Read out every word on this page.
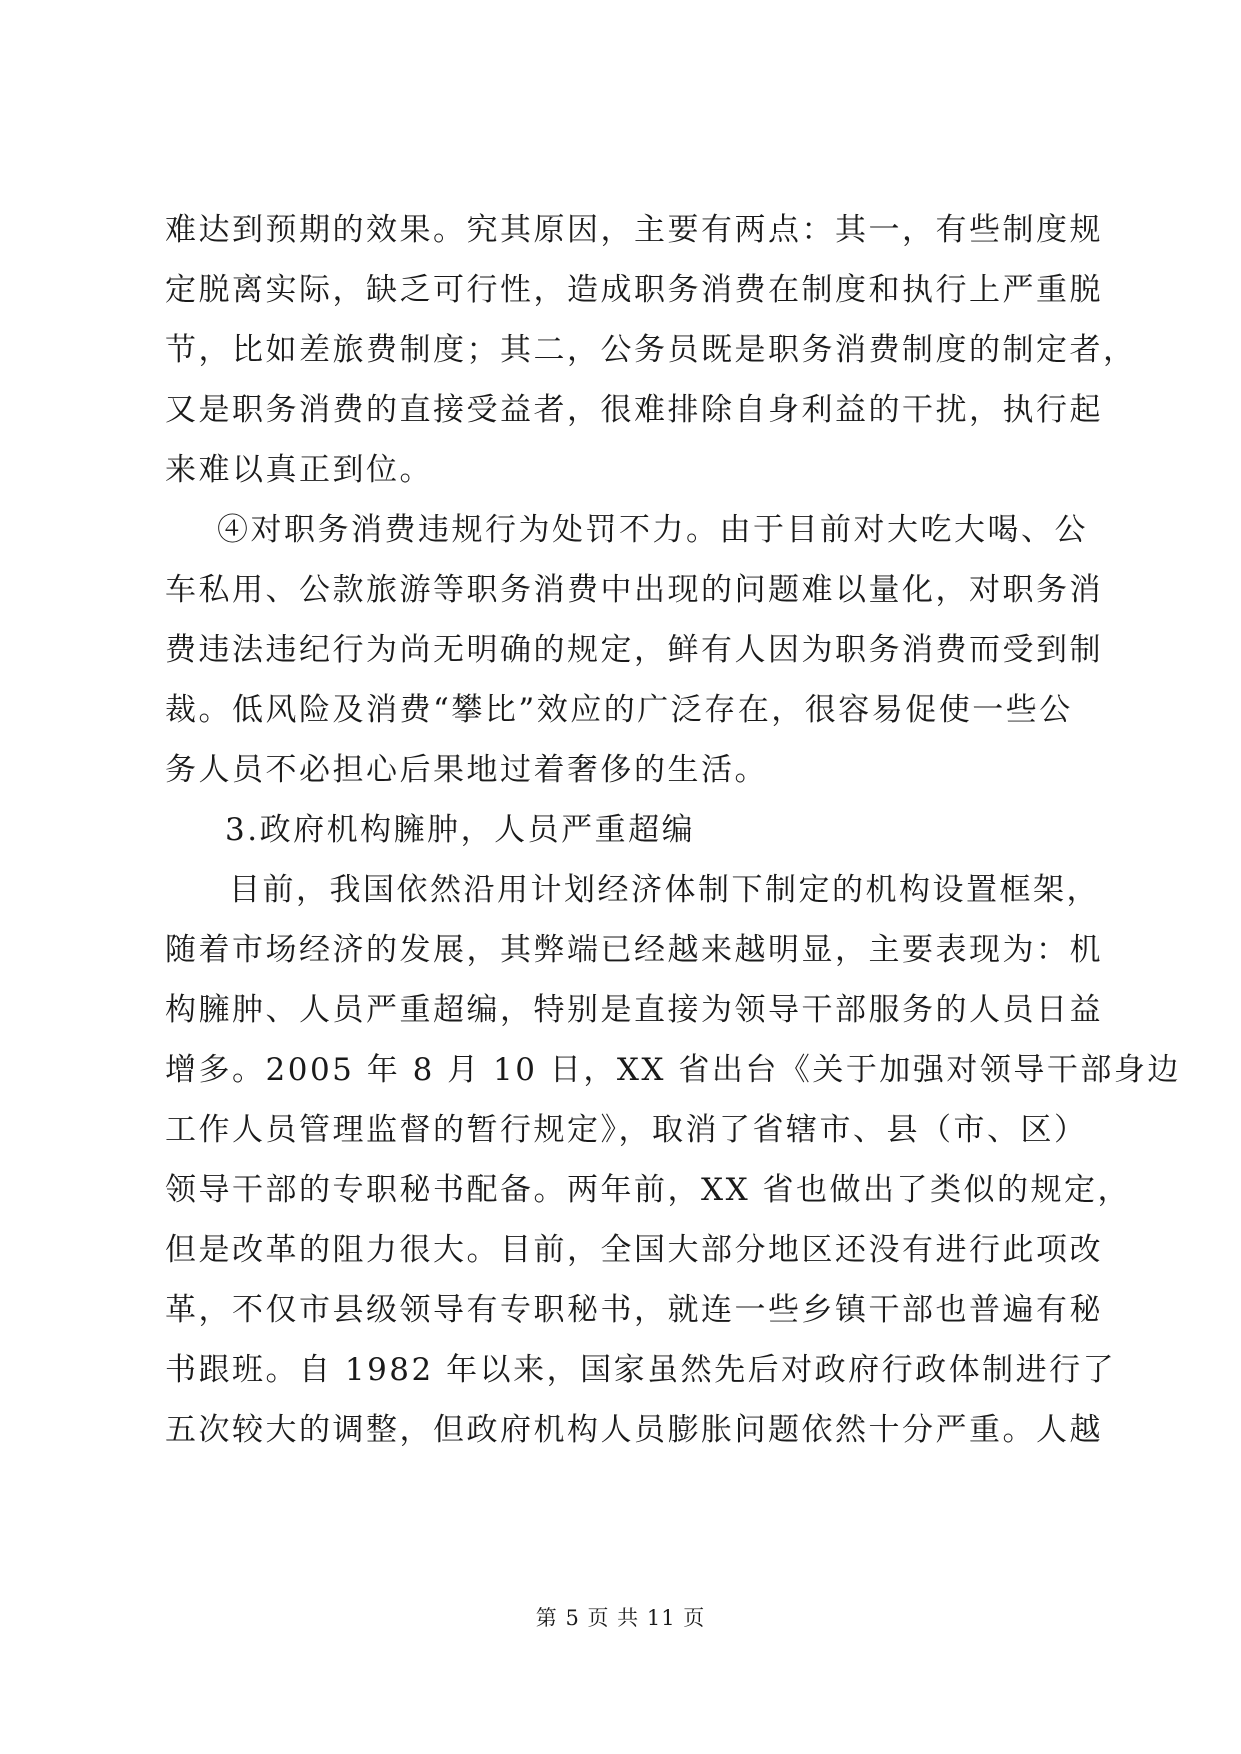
难达到预期的效果。究其原因，主要有两点：其一，有些制度规
定脱离实际，缺乏可行性，造成职务消费在制度和执行上严重脱
节，比如差旅费制度；其二，公务员既是职务消费制度的制定者，
又是职务消费的直接受益者，很难排除自身利益的干扰，执行起
来难以真正到位。
④对职务消费违规行为处罚不力。由于目前对大吃大喝、公
车私用、公款旅游等职务消费中出现的问题难以量化，对职务消
费违法违纪行为尚无明确的规定，鲜有人因为职务消费而受到制
裁。低风险及消费“攀比”效应的广泛存在，很容易促使一些公
务人员不必担心后果地过着奢侈的生活。
3.政府机构臃肿，人员严重超编
目前，我国依然沿用计划经济体制下制定的机构设置框架，
随着市场经济的发展，其弊端已经越来越明显，主要表现为：机
构臃肿、人员严重超编，特别是直接为领导干部服务的人员日益
增多。2005 年 8 月 10 日，XX 省出台《关于加强对领导干部身边
工作人员管理监督的暂行规定》，取消了省辖市、县（市、区）
领导干部的专职秘书配备。两年前，XX 省也做出了类似的规定，
但是改革的阻力很大。目前，全国大部分地区还没有进行此项改
革，不仅市县级领导有专职秘书，就连一些乡镇干部也普遍有秘
书跟班。自 1982 年以来，国家虽然先后对政府行政体制进行了
五次较大的调整，但政府机构人员膨胀问题依然十分严重。人越
第 5 页 共 11 页
